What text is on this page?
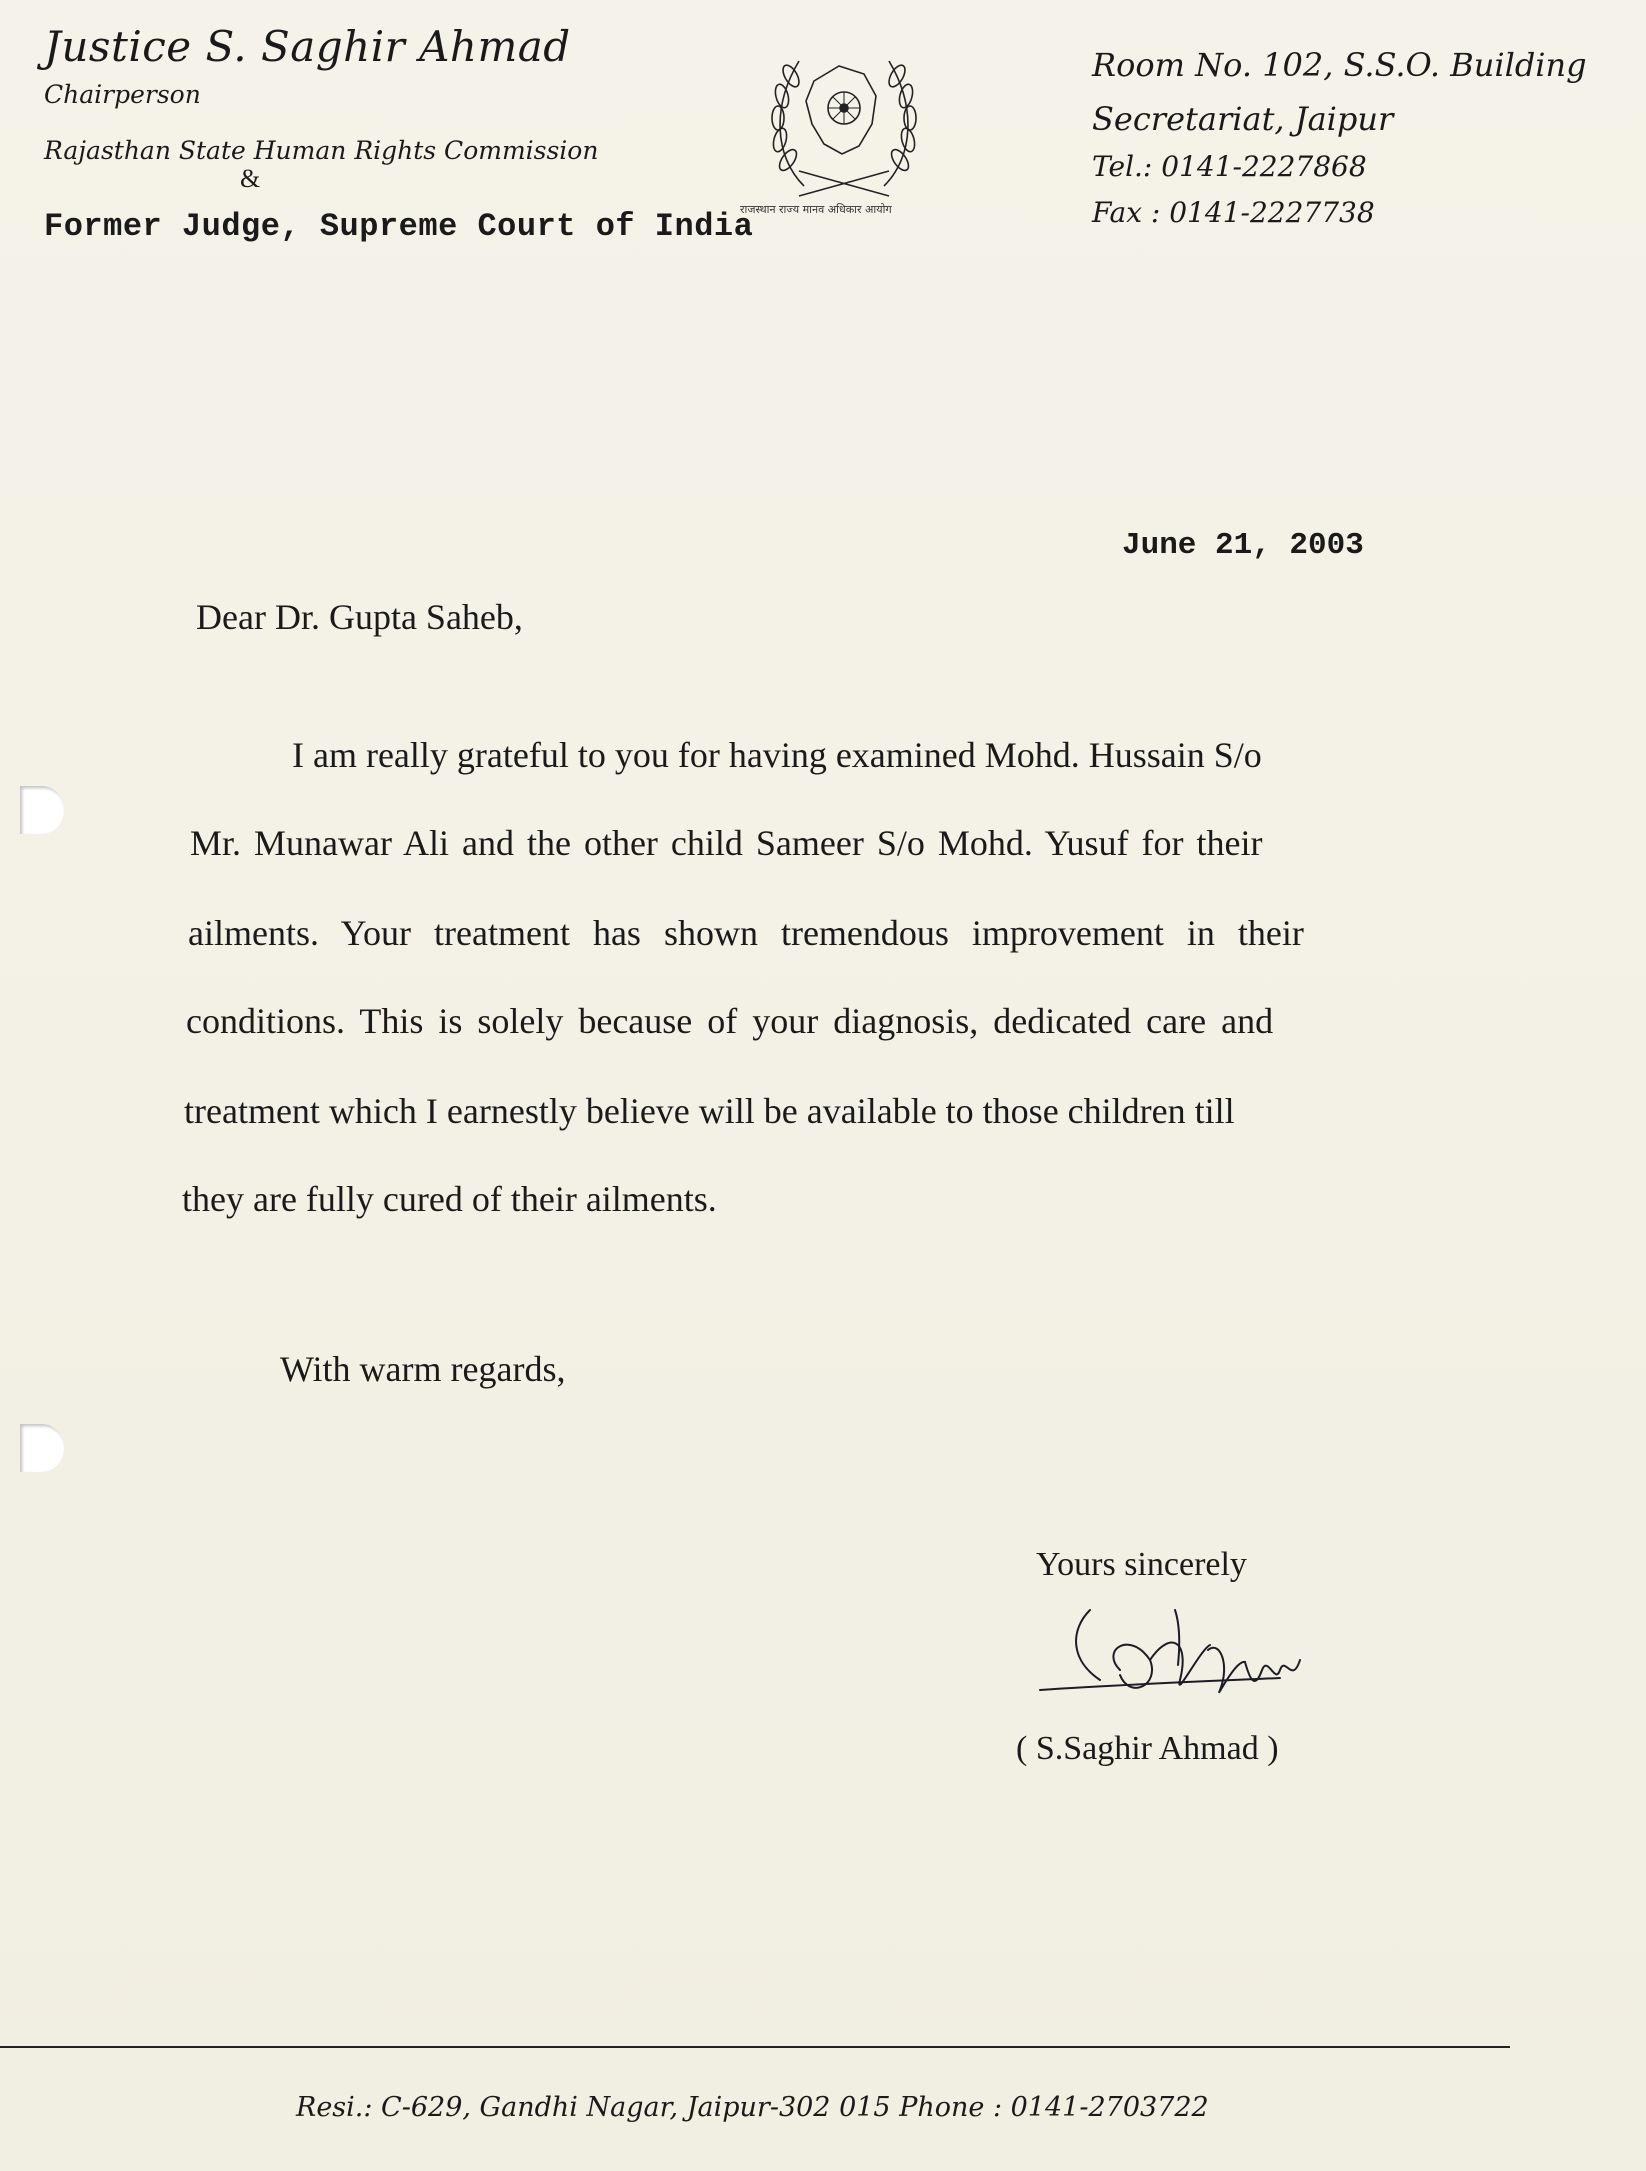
Justice S. Saghir Ahmad
Chairperson
Rajasthan State Human Rights Commission
&
Former Judge, Supreme Court of India
राजस्थान राज्य मानव अधिकार आयोग
Room No. 102, S.S.O. Building
Secretariat, Jaipur
Tel.: 0141-2227868
Fax : 0141-2227738
June 21, 2003
Dear Dr. Gupta Saheb,
I am really grateful to you for having examined Mohd. Hussain S/o
Mr. Munawar Ali and the other child Sameer S/o Mohd. Yusuf for their
ailments. Your treatment has shown tremendous improvement in their
conditions. This is solely because of your diagnosis, dedicated care and
treatment which I earnestly believe will be available to those children till
they are fully cured of their ailments.
With warm regards,
Yours sincerely
( S.Saghir Ahmad )
Resi.: C-629, Gandhi Nagar, Jaipur-302 015 Phone : 0141-2703722
